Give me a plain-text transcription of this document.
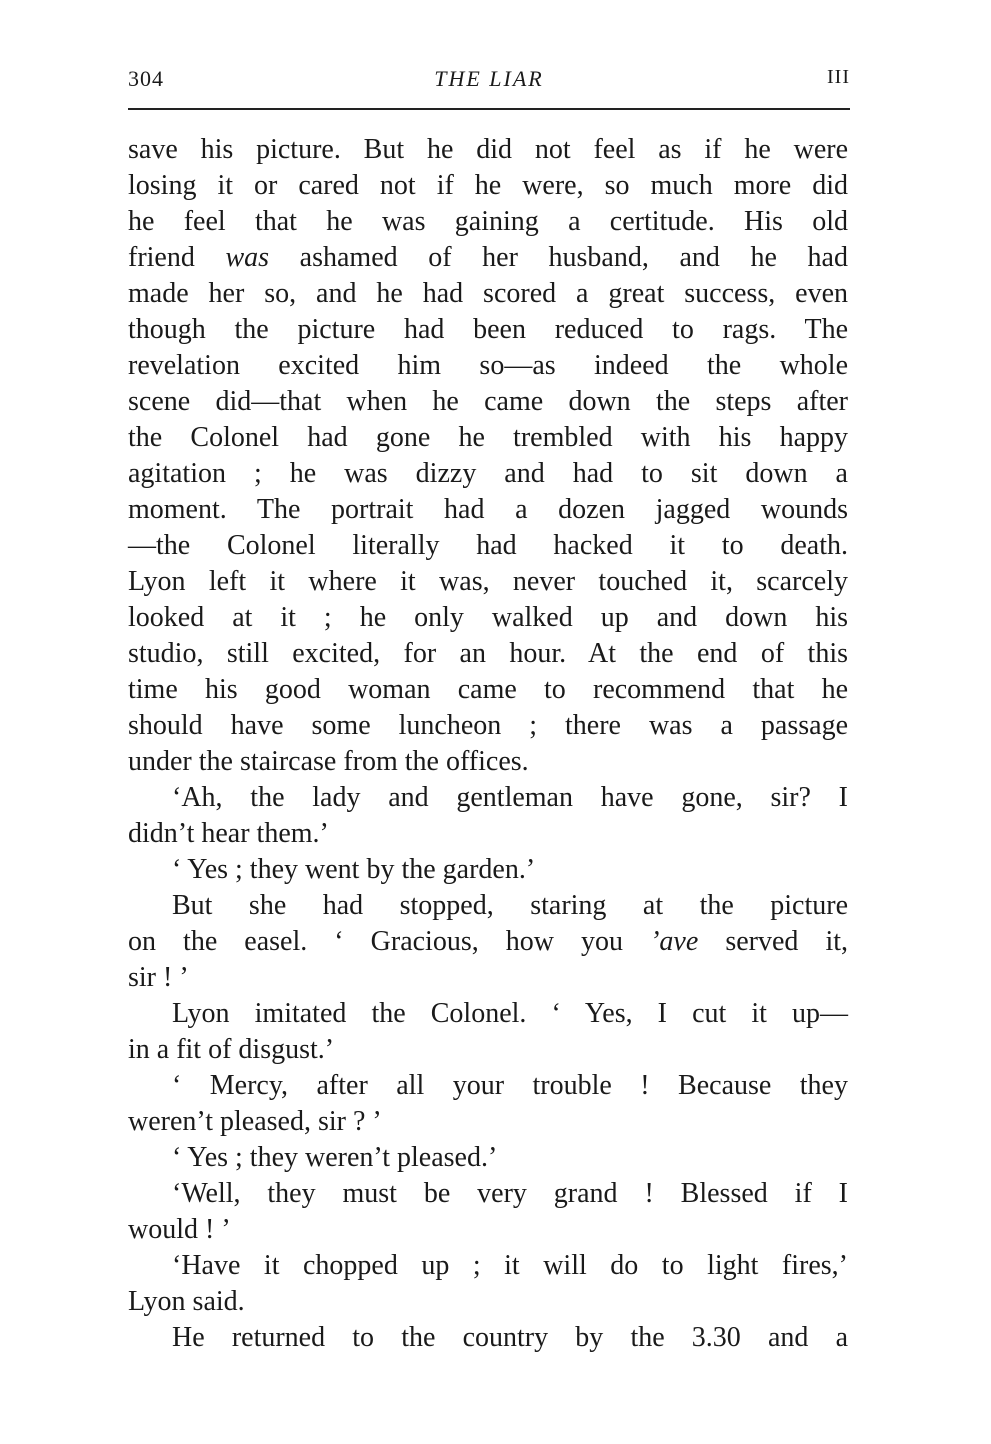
304	THE LIAR	III
save his picture. But he did not feel as if he were
losing it or cared not if he were, so much more did
he feel that he was gaining a certitude. His old
friend was ashamed of her husband, and he had
made her so, and he had scored a great success, even
though the picture had been reduced to rags. The
revelation excited him so—as indeed the whole
scene did—that when he came down the steps after
the Colonel had gone he trembled with his happy
agitation ; he was dizzy and had to sit down a
moment. The portrait had a dozen jagged wounds
—the Colonel literally had hacked it to death.
Lyon left it where it was, never touched it, scarcely
looked at it ; he only walked up and down his
studio, still excited, for an hour. At the end of this
time his good woman came to recommend that he
should have some luncheon ; there was a passage
under the staircase from the offices.
‘Ah, the lady and gentleman have gone, sir? I
didn’t hear them.’
‘ Yes ; they went by the garden.’
But she had stopped, staring at the picture
on the easel. ‘ Gracious, how you ’ave served it,
sir ! ’
Lyon imitated the Colonel. ‘ Yes, I cut it up—
in a fit of disgust.’
‘ Mercy, after all your trouble ! Because they
weren’t pleased, sir ? ’
‘ Yes ; they weren’t pleased.’
‘Well, they must be very grand ! Blessed if I
would ! ’
‘Have it chopped up ; it will do to light fires,’
Lyon said.
He returned to the country by the 3.30 and a
